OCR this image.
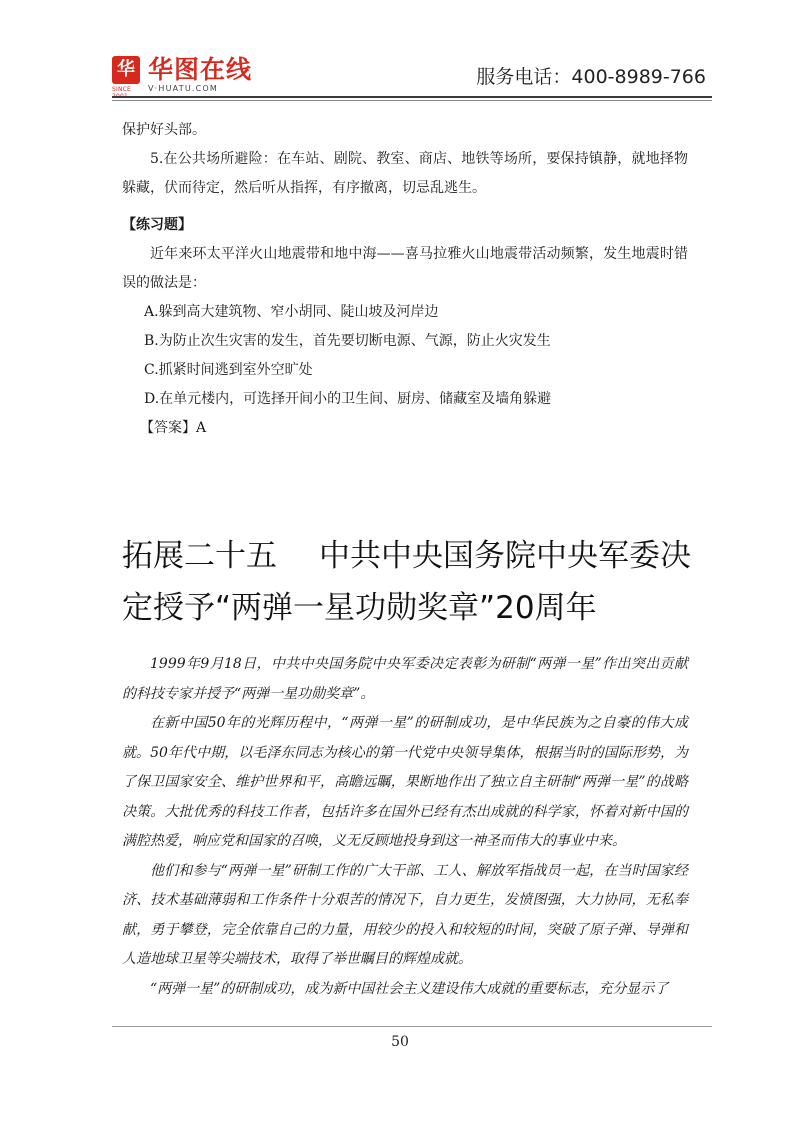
华
SINCE 2001
华图在线
V·HUATU.COM
服务电话：400-8989-766

保护好头部。

5.在公共场所避险：在车站、剧院、教室、商店、地铁等场所，要保持镇静，就地择物躲藏，伏而待定，然后听从指挥，有序撤离，切忌乱逃生。

【练习题】

近年来环太平洋火山地震带和地中海——喜马拉雅火山地震带活动频繁，发生地震时错误的做法是：

A.躲到高大建筑物、窄小胡同、陡山坡及河岸边

B.为防止次生灾害的发生，首先要切断电源、气源，防止火灾发生

C.抓紧时间逃到室外空旷处

D.在单元楼内，可选择开间小的卫生间、厨房、储藏室及墙角躲避

【答案】A

拓展二十五 中共中央国务院中央军委决
定授予“两弹一星功勋奖章”20周年

1999年9月18日，中共中央国务院中央军委决定表彰为研制“两弹一星”作出突出贡献的科技专家并授予“两弹一星功勋奖章”。

在新中国50年的光辉历程中，“两弹一星”的研制成功，是中华民族为之自豪的伟大成就。50年代中期，以毛泽东同志为核心的第一代党中央领导集体，根据当时的国际形势，为了保卫国家安全、维护世界和平，高瞻远瞩，果断地作出了独立自主研制“两弹一星”的战略决策。大批优秀的科技工作者，包括许多在国外已经有杰出成就的科学家，怀着对新中国的满腔热爱，响应党和国家的召唤，义无反顾地投身到这一神圣而伟大的事业中来。

他们和参与“两弹一星”研制工作的广大干部、工人、解放军指战员一起，在当时国家经济、技术基础薄弱和工作条件十分艰苦的情况下，自力更生，发愤图强，大力协同，无私奉献，勇于攀登，完全依靠自己的力量，用较少的投入和较短的时间，突破了原子弹、导弹和人造地球卫星等尖端技术，取得了举世瞩目的辉煌成就。

“两弹一星”的研制成功，成为新中国社会主义建设伟大成就的重要标志，充分显示了

50
